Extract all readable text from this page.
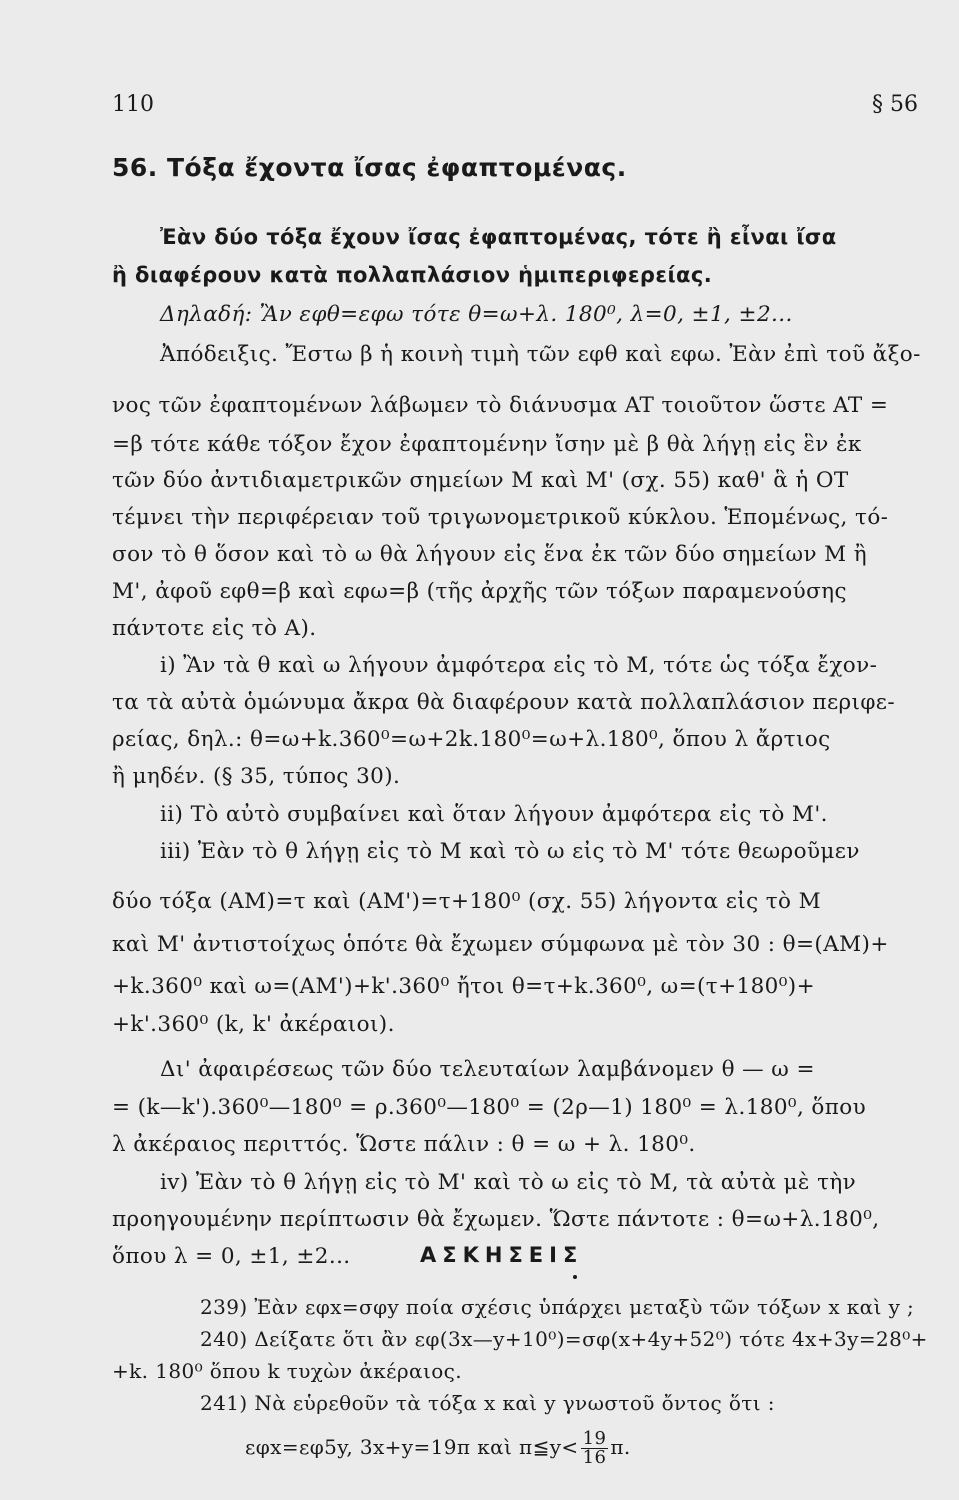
110	§ 56
56. Τόξα ἔχοντα ἴσας ἐφαπτομένας.
Ἐὰν δύο τόξα ἔχουν ἴσας ἐφαπτομένας, τότε ἢ εἶναι ἴσα
ἢ διαφέρουν κατὰ πολλαπλάσιον ἡμιπεριφερείας.
Δηλαδή: Ἂν εφθ=εφω τότε θ=ω+λ. 180⁰, λ=0, ±1, ±2...
Ἀπόδειξις. Ἔστω β ἡ κοινὴ τιμὴ τῶν εφθ καὶ εφω. Ἐὰν ἐπὶ τοῦ ἄξο-
νος τῶν ἐφαπτομένων λάβωμεν τὸ διάνυσμα AT τοιοῦτον ὥστε AT =
=β τότε κάθε τόξον ἔχον ἐφαπτομένην ἴσην μὲ β θὰ λήγῃ εἰς ἓν ἐκ
τῶν δύο ἀντιδιαμετρικῶν σημείων M καὶ M' (σχ. 55) καθ' ἃ ἡ OT
τέμνει τὴν περιφέρειαν τοῦ τριγωνομετρικοῦ κύκλου. Ἑπομένως, τό-
σον τὸ θ ὅσον καὶ τὸ ω θὰ λήγουν εἰς ἕνα ἐκ τῶν δύο σημείων M ἢ
M', ἀφοῦ εφθ=β καὶ εφω=β (τῆς ἀρχῆς τῶν τόξων παραμενούσης
πάντοτε εἰς τὸ A).
i) Ἂν τὰ θ καὶ ω λήγουν ἀμφότερα εἰς τὸ M, τότε ὡς τόξα ἔχον-
τα τὰ αὐτὰ ὁμώνυμα ἄκρα θὰ διαφέρουν κατὰ πολλαπλάσιον περιφε-
ρείας, δηλ.: θ=ω+k.360⁰=ω+2k.180⁰=ω+λ.180⁰, ὅπου λ ἄρτιος
ἢ μηδέν. (§ 35, τύπος 30).
ii) Τὸ αὐτὸ συμβαίνει καὶ ὅταν λήγουν ἀμφότερα εἰς τὸ M'.
iii) Ἐὰν τὸ θ λήγῃ εἰς τὸ M καὶ τὸ ω εἰς τὸ M' τότε θεωροῦμεν
δύο τόξα (AM)=τ καὶ (AM')=τ+180⁰ (σχ. 55) λήγοντα εἰς τὸ M
καὶ M' ἀντιστοίχως ὁπότε θὰ ἔχωμεν σύμφωνα μὲ τὸν 30 : θ=(AM)+
+k.360⁰ καὶ ω=(AM')+k'.360⁰ ἤτοι θ=τ+k.360⁰, ω=(τ+180⁰)+
+k'.360⁰ (k, k' ἀκέραιοι).
Δι' ἀφαιρέσεως τῶν δύο τελευταίων λαμβάνομεν θ — ω =
= (k—k').360⁰—180⁰ = ρ.360⁰—180⁰ = (2ρ—1) 180⁰ = λ.180⁰, ὅπου
λ ἀκέραιος περιττός. Ὥστε πάλιν : θ = ω + λ. 180⁰.
iv) Ἐὰν τὸ θ λήγῃ εἰς τὸ M' καὶ τὸ ω εἰς τὸ M, τὰ αὐτὰ μὲ τὴν
προηγουμένην περίπτωσιν θὰ ἔχωμεν. Ὥστε πάντοτε : θ=ω+λ.180⁰,
ὅπου λ = 0, ±1, ±2...	ΑΣΚΗΣΕΙΣ
239) Ἐὰν εφx=σφy ποία σχέσις ὑπάρχει μεταξὺ τῶν τόξων x καὶ y ;
240) Δείξατε ὅτι ἂν εφ(3x—y+10⁰)=σφ(x+4y+52⁰) τότε 4x+3y=28⁰+
+k. 180⁰ ὅπου k τυχὼν ἀκέραιος.
241) Νὰ εὑρεθοῦν τὰ τόξα x καὶ y γνωστοῦ ὄντος ὅτι :
εφx=εφ5y, 3x+y=19π καὶ π≦y< $\frac{19}{16} \pi$.
